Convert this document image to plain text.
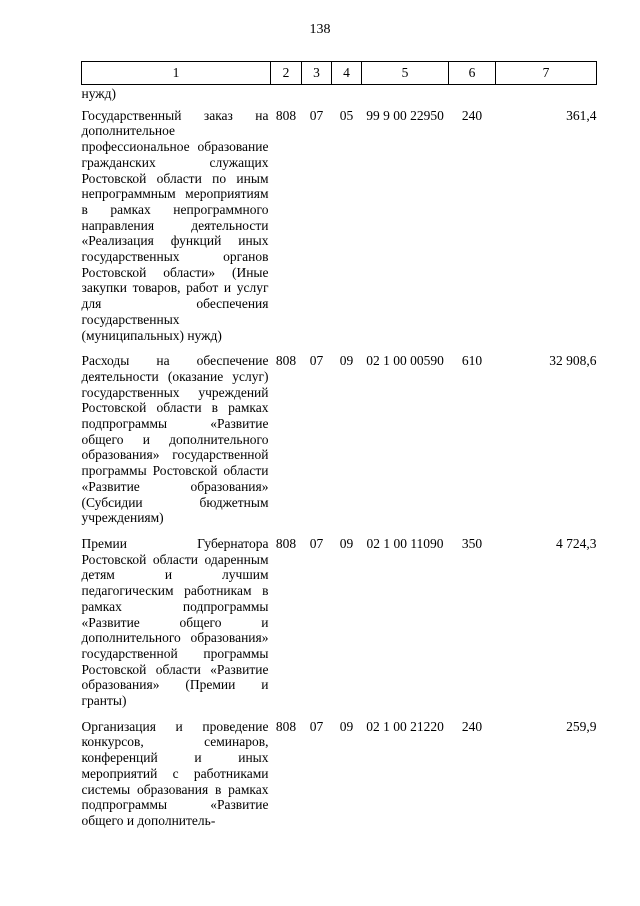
138
1	2	3	4	5	6	7
нужд)						
Государственный заказ на дополнительное профессиональное образование гражданских служащих Ростовской области по иным непрограммным мероприятиям в рамках непрограммного направления деятельности «Реализация функций иных государственных органов Ростовской области» (Иные закупки товаров, работ и услуг для обеспечения государственных (муниципальных) нужд)	808	07	05	99 9 00 22950	240	361,4
Расходы на обеспечение деятельности (оказание услуг) государственных учреждений Ростовской области в рамках подпрограммы «Развитие общего и дополнительного образования» государственной программы Ростовской области «Развитие образования» (Субсидии бюджетным учреждениям)	808	07	09	02 1 00 00590	610	32 908,6
Премии Губернатора Ростовской области одаренным детям и лучшим педагогическим работникам в рамках подпрограммы «Развитие общего и дополнительного образования» государственной программы Ростовской области «Развитие образования» (Премии и гранты)	808	07	09	02 1 00 11090	350	4 724,3
Организация и проведение конкурсов, семинаров, конференций и иных мероприятий с работниками системы образования в рамках подпрограммы «Развитие общего и дополнитель-	808	07	09	02 1 00 21220	240	259,9
